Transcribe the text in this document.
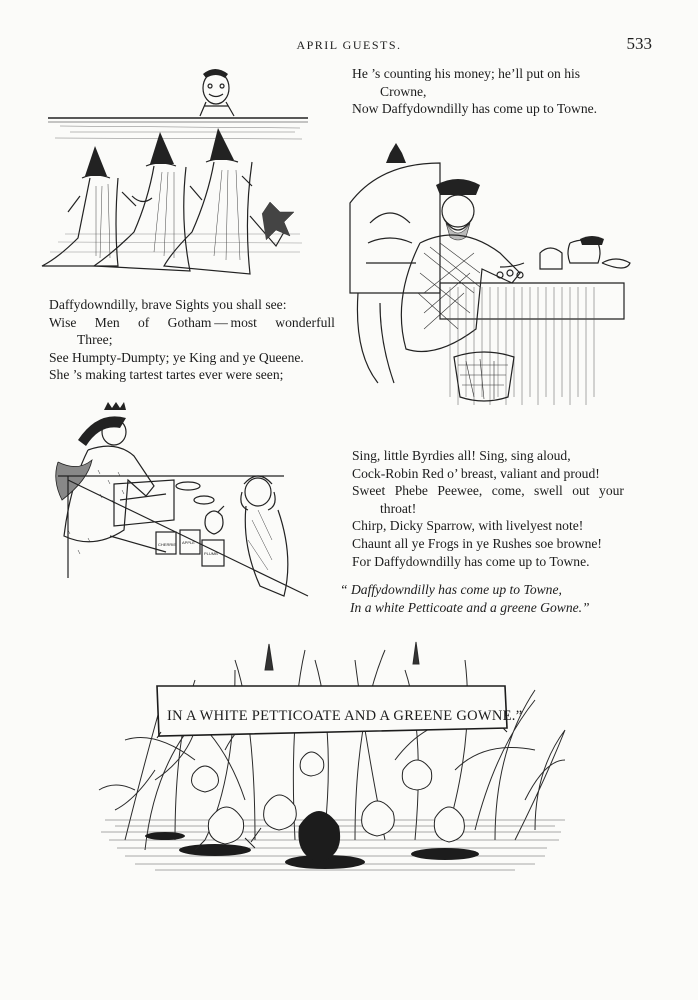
APRIL GUESTS.	533
He ’s counting his money; he’ll put on his
Crowne,
Now Daffydowndilly has come up to Towne.
Daffydowndilly, brave Sights you shall see:
Wise Men of Gotham — most wonderfull
Three;
See Humpty-Dumpty; ye King and ye Queene.
She ’s making tartest tartes ever were seen;
CHERRIE APPLE
PLUMB
Sing, little Byrdies all! Sing, sing aloud,
Cock-Robin Red o’ breast, valiant and proud!
Sweet Phebe Peewee, come, swell out your
throat!
Chirp, Dicky Sparrow, with livelyest note!
Chaunt all ye Frogs in ye Rushes soe browne!
For Daffydowndilly has come up to Towne.
“ Daffydowndilly has come up to Towne,
In a white Petticoate and a greene Gowne.”
IN A WHITE PETTICOATE AND A GREENE GOWNE.”
